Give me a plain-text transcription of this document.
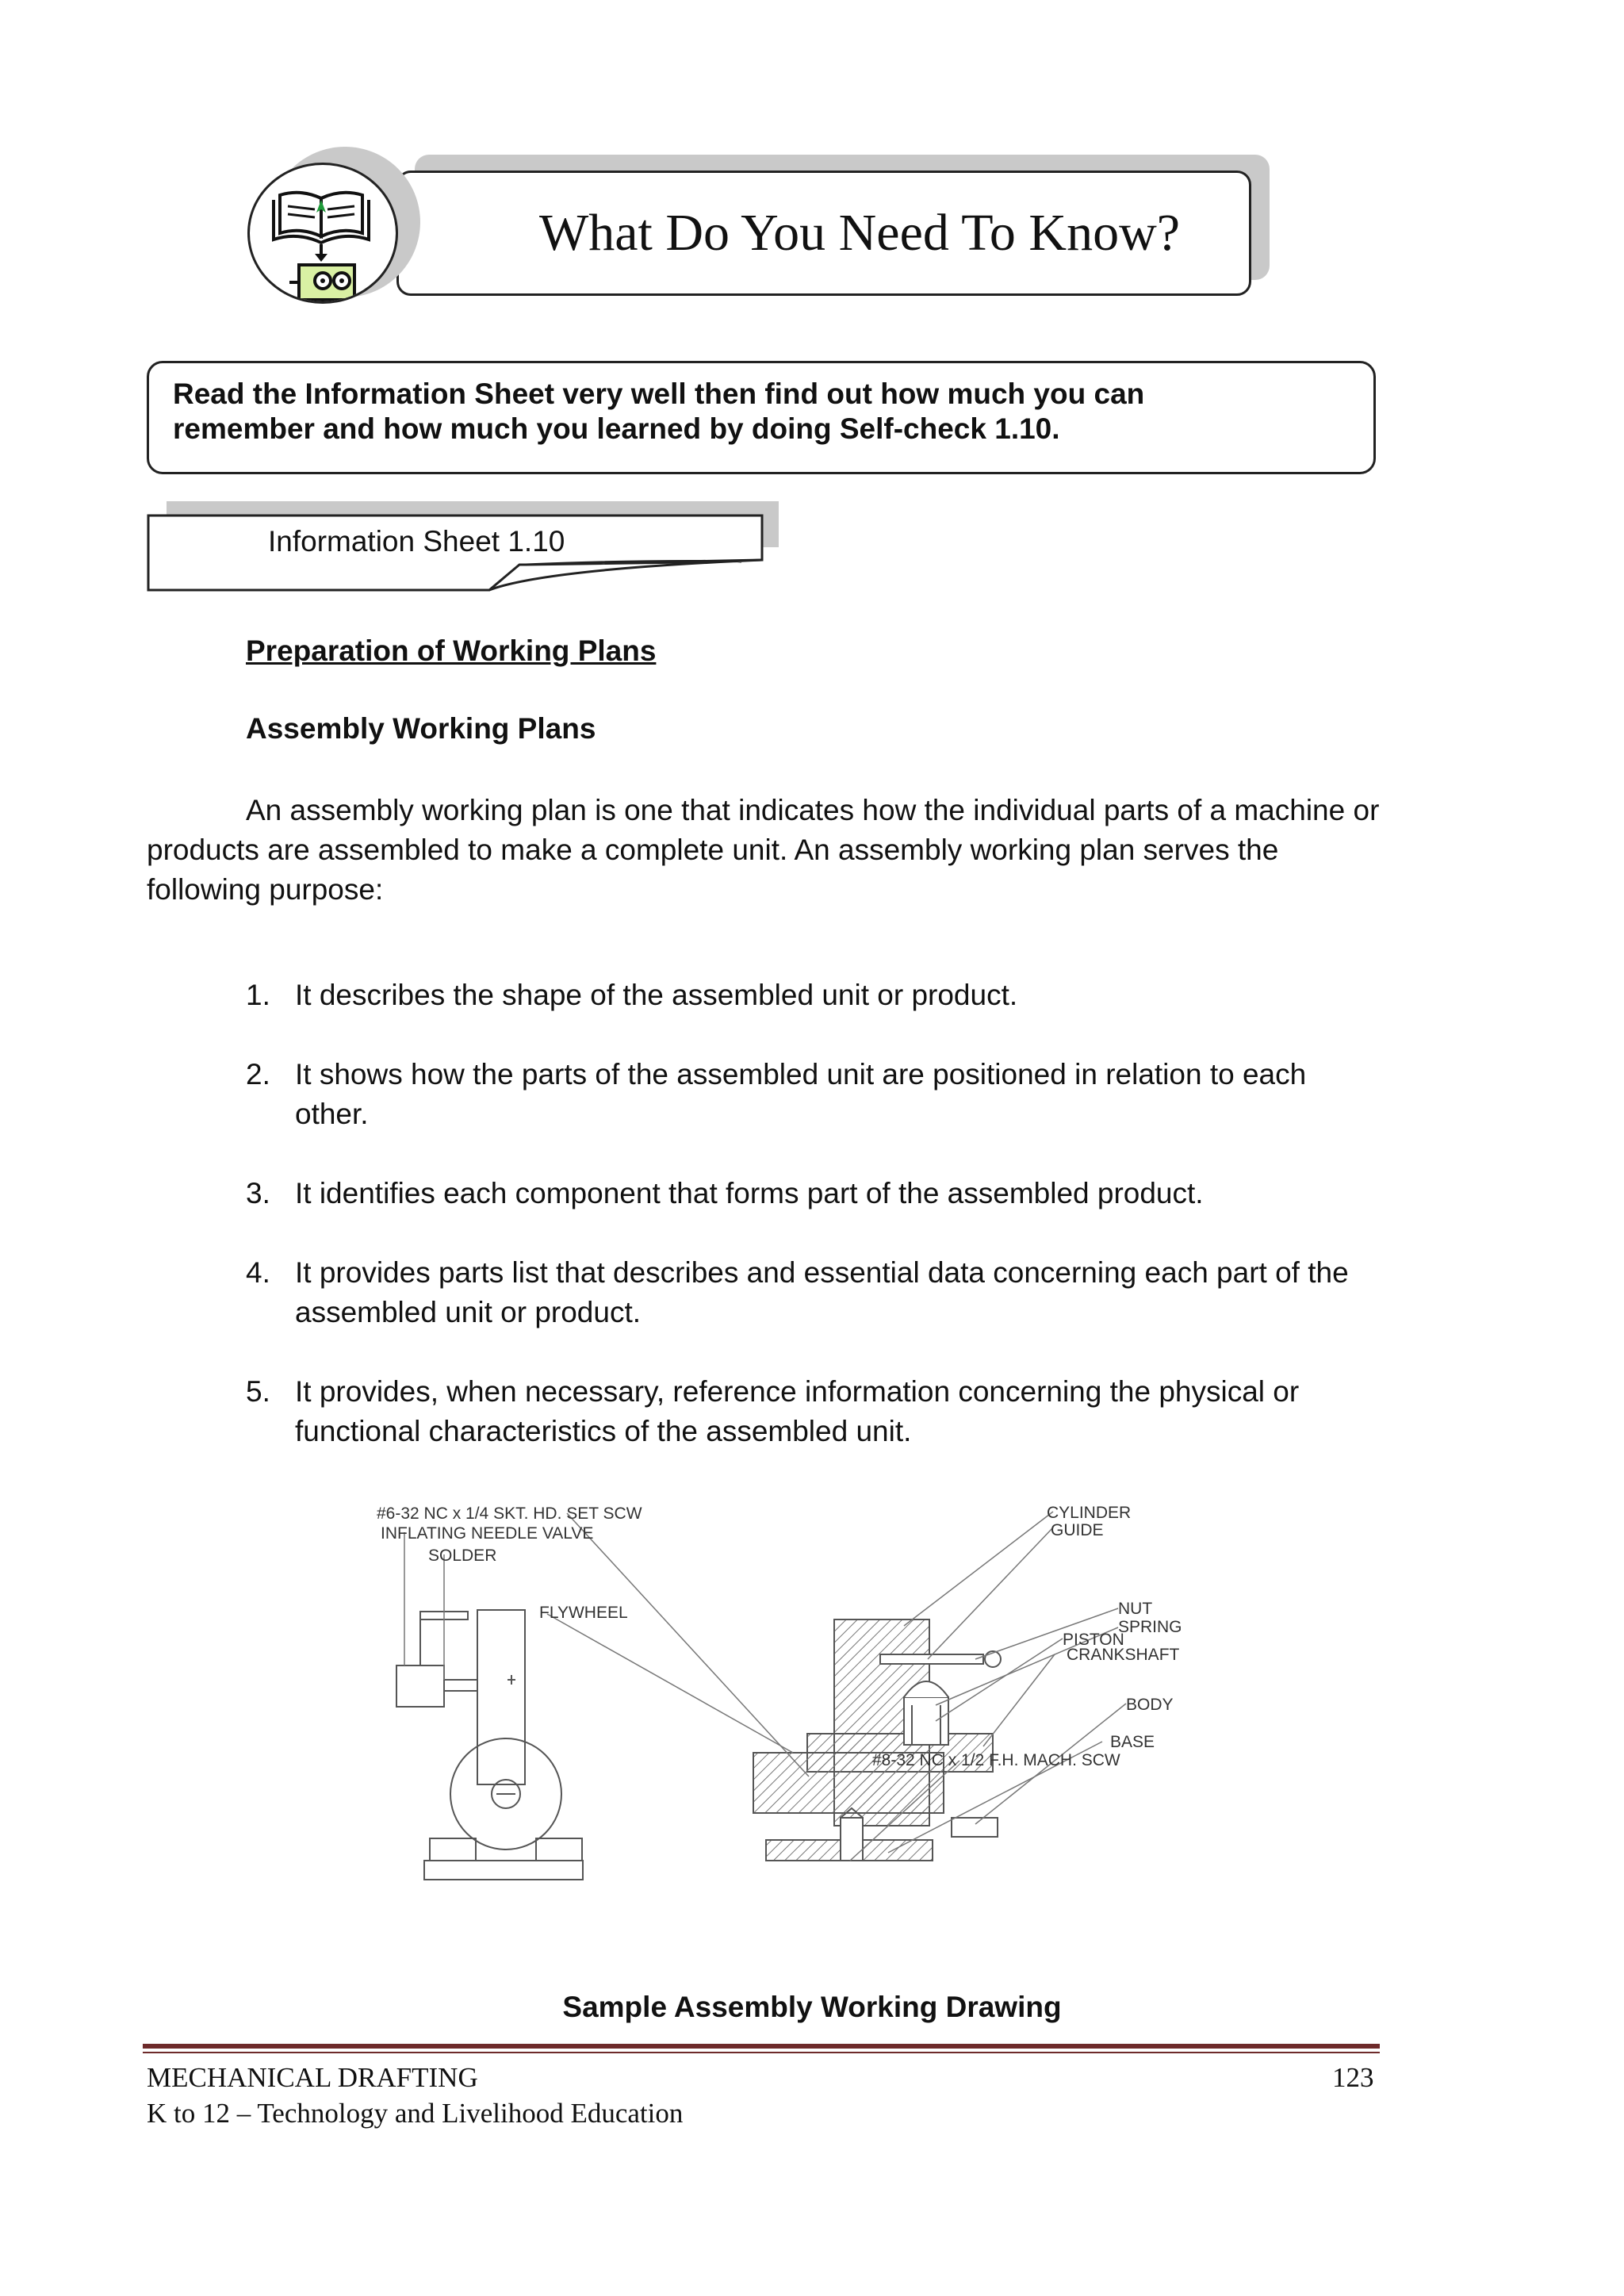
What Do You Need To Know?
Read the Information Sheet very well then find out how much you can
remember and how much you learned by doing Self-check 1.10.
Information Sheet 1.10
Preparation of Working Plans
Assembly Working Plans
An assembly working plan is one that indicates how the individual parts of a machine or products are assembled to make a complete unit. An assembly working plan serves the following purpose:
1. It describes the shape of the assembled unit or product.
2. It shows how the parts of the assembled unit are positioned in relation to each other.
3. It identifies each component that forms part of the assembled product.
4. It provides parts list that describes and essential data concerning each part of the assembled unit or product.
5. It provides, when necessary, reference information concerning the physical or functional characteristics of the assembled unit.
#6-32 NC x 1/4 SKT. HD. SET SCW
INFLATING NEEDLE VALVE
SOLDER
FLYWHEEL
CYLINDER
GUIDE
NUT
SPRING
PISTON
CRANKSHAFT
BODY
BASE
#8-32 NC x 1/2 F.H. MACH. SCW
Sample Assembly Working Drawing
MECHANICAL DRAFTING
K to 12 – Technology and Livelihood Education
123
